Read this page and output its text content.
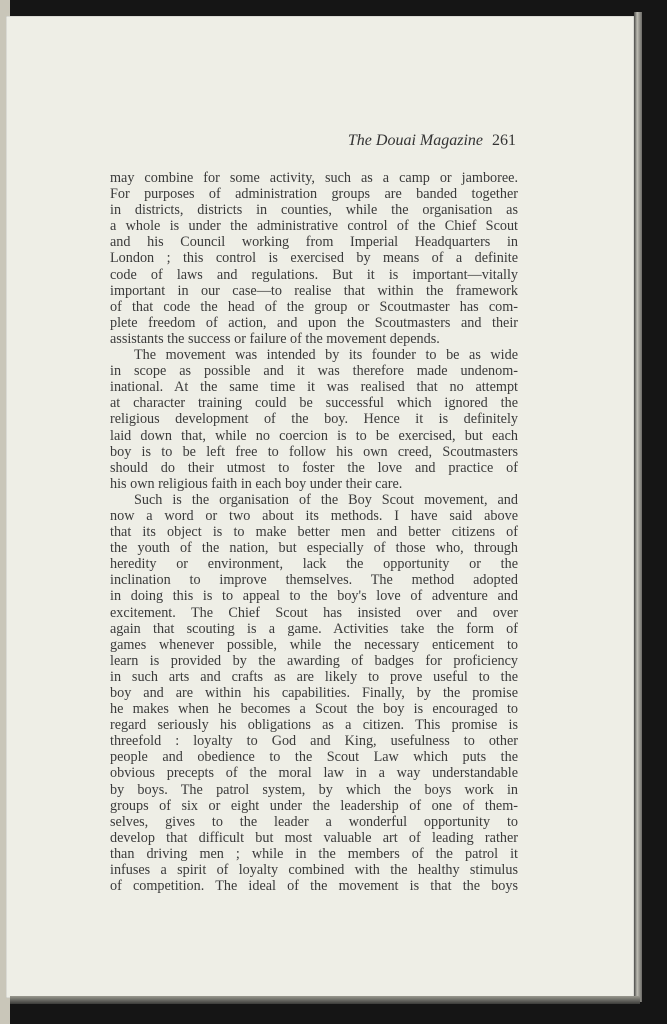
The Douai Magazine 261
may combine for some activity, such as a camp or jamboree.
For purposes of administration groups are banded together
in districts, districts in counties, while the organisation as
a whole is under the administrative control of the Chief Scout
and his Council working from Imperial Headquarters in
London ; this control is exercised by means of a definite
code of laws and regulations. But it is important—vitally
important in our case—to realise that within the framework
of that code the head of the group or Scoutmaster has com-
plete freedom of action, and upon the Scoutmasters and their
assistants the success or failure of the movement depends.
The movement was intended by its founder to be as wide
in scope as possible and it was therefore made undenom-
inational. At the same time it was realised that no attempt
at character training could be successful which ignored the
religious development of the boy. Hence it is definitely
laid down that, while no coercion is to be exercised, but each
boy is to be left free to follow his own creed, Scoutmasters
should do their utmost to foster the love and practice of
his own religious faith in each boy under their care.
Such is the organisation of the Boy Scout movement, and
now a word or two about its methods. I have said above
that its object is to make better men and better citizens of
the youth of the nation, but especially of those who, through
heredity or environment, lack the opportunity or the
inclination to improve themselves. The method adopted
in doing this is to appeal to the boy's love of adventure and
excitement. The Chief Scout has insisted over and over
again that scouting is a game. Activities take the form of
games whenever possible, while the necessary enticement to
learn is provided by the awarding of badges for proficiency
in such arts and crafts as are likely to prove useful to the
boy and are within his capabilities. Finally, by the promise
he makes when he becomes a Scout the boy is encouraged to
regard seriously his obligations as a citizen. This promise is
threefold : loyalty to God and King, usefulness to other
people and obedience to the Scout Law which puts the
obvious precepts of the moral law in a way understandable
by boys. The patrol system, by which the boys work in
groups of six or eight under the leadership of one of them-
selves, gives to the leader a wonderful opportunity to
develop that difficult but most valuable art of leading rather
than driving men ; while in the members of the patrol it
infuses a spirit of loyalty combined with the healthy stimulus
of competition. The ideal of the movement is that the boys
